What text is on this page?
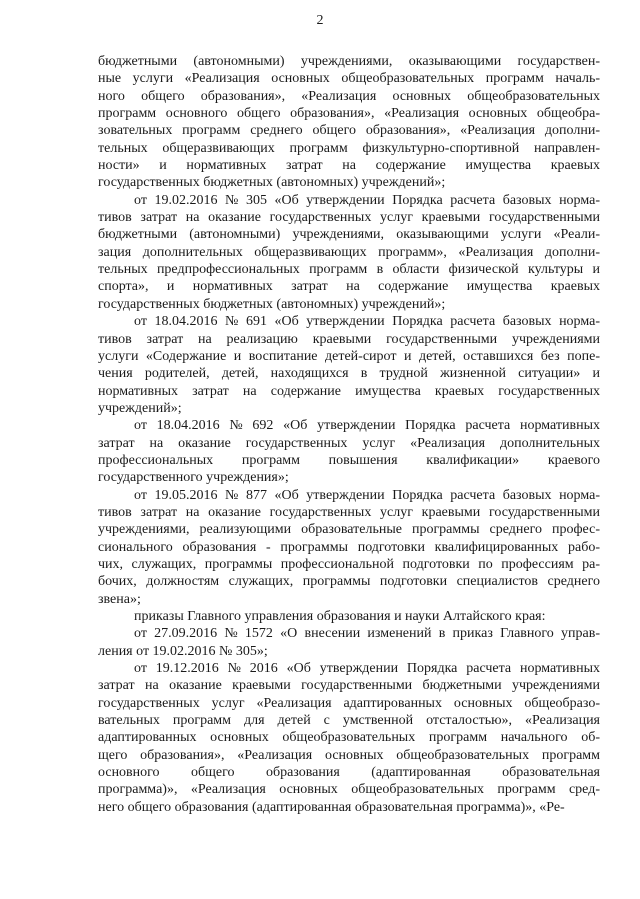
2
бюджетными (автономными) учреждениями, оказывающими государствен-
ные услуги «Реализация основных общеобразовательных программ началь-
ного общего образования», «Реализация основных общеобразовательных
программ основного общего образования», «Реализация основных общеобра-
зовательных программ среднего общего образования», «Реализация дополни-
тельных общеразвивающих программ физкультурно-спортивной направлен-
ности» и нормативных затрат на содержание имущества краевых
государственных бюджетных (автономных) учреждений»;
от 19.02.2016 № 305 «Об утверждении Порядка расчета базовых норма-
тивов затрат на оказание государственных услуг краевыми государственными
бюджетными (автономными) учреждениями, оказывающими услуги «Реали-
зация дополнительных общеразвивающих программ», «Реализация дополни-
тельных предпрофессиональных программ в области физической культуры и
спорта», и нормативных затрат на содержание имущества краевых
государственных бюджетных (автономных) учреждений»;
от 18.04.2016 № 691 «Об утверждении Порядка расчета базовых норма-
тивов затрат на реализацию краевыми государственными учреждениями
услуги «Содержание и воспитание детей-сирот и детей, оставшихся без попе-
чения родителей, детей, находящихся в трудной жизненной ситуации» и
нормативных затрат на содержание имущества краевых государственных
учреждений»;
от 18.04.2016 № 692 «Об утверждении Порядка расчета нормативных
затрат на оказание государственных услуг «Реализация дополнительных
профессиональных программ повышения квалификации» краевого
государственного учреждения»;
от 19.05.2016 № 877 «Об утверждении Порядка расчета базовых норма-
тивов затрат на оказание государственных услуг краевыми государственными
учреждениями, реализующими образовательные программы среднего профес-
сионального образования - программы подготовки квалифицированных рабо-
чих, служащих, программы профессиональной подготовки по профессиям ра-
бочих, должностям служащих, программы подготовки специалистов среднего
звена»;
приказы Главного управления образования и науки Алтайского края:
от 27.09.2016 № 1572 «О внесении изменений в приказ Главного управ-
ления от 19.02.2016 № 305»;
от 19.12.2016 № 2016 «Об утверждении Порядка расчета нормативных
затрат на оказание краевыми государственными бюджетными учреждениями
государственных услуг «Реализация адаптированных основных общеобразо-
вательных программ для детей с умственной отсталостью», «Реализация
адаптированных основных общеобразовательных программ начального об-
щего образования», «Реализация основных общеобразовательных программ
основного общего образования (адаптированная образовательная
программа)», «Реализация основных общеобразовательных программ сред-
него общего образования (адаптированная образовательная программа)», «Ре-
